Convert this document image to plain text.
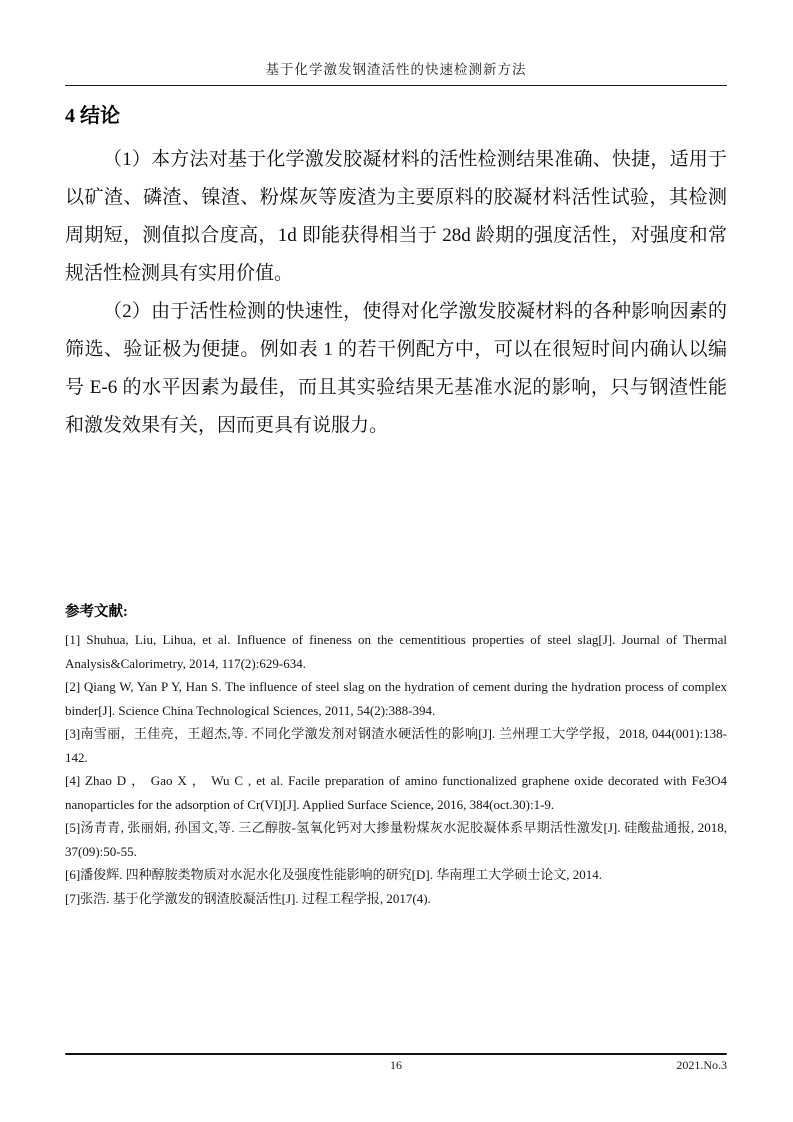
基于化学激发钢渣活性的快速检测新方法
4 结论

（1）本方法对基于化学激发胶凝材料的活性检测结果准确、快捷，适用于以矿渣、磷渣、镍渣、粉煤灰等废渣为主要原料的胶凝材料活性试验，其检测周期短，测值拟合度高，1d 即能获得相当于 28d 龄期的强度活性，对强度和常规活性检测具有实用价值。

（2）由于活性检测的快速性，使得对化学激发胶凝材料的各种影响因素的筛选、验证极为便捷。例如表 1 的若干例配方中，可以在很短时间内确认以编号 E-6 的水平因素为最佳，而且其实验结果无基准水泥的影响，只与钢渣性能和激发效果有关，因而更具有说服力。

参考文献:

[1] Shuhua, Liu, Lihua, et al. Influence of fineness on the cementitious properties of steel slag[J]. Journal of Thermal Analysis&Calorimetry, 2014, 117(2):629-634.

[2] Qiang W, Yan P Y, Han S. The influence of steel slag on the hydration of cement during the hydration process of complex binder[J]. Science China Technological Sciences, 2011, 54(2):388-394.

[3]南雪丽，王佳亮，王超杰,等. 不同化学激发剂对钢渣水硬活性的影响[J]. 兰州理工大学学报，2018, 044(001):138-142.

[4] Zhao D ， Gao X ， Wu C , et al. Facile preparation of amino functionalized graphene oxide decorated with Fe3O4 nanoparticles for the adsorption of Cr(VI)[J]. Applied Surface Science, 2016, 384(oct.30):1-9.

[5]汤青青, 张丽娟, 孙国文,等. 三乙醇胺-氢氧化钙对大掺量粉煤灰水泥胶凝体系早期活性激发[J]. 硅酸盐通报, 2018, 37(09):50-55.

[6]潘俊辉. 四种醇胺类物质对水泥水化及强度性能影响的研究[D]. 华南理工大学硕士论文, 2014.

[7]张浩. 基于化学激发的钢渣胶凝活性[J]. 过程工程学报, 2017(4).

16	2021.No.3
